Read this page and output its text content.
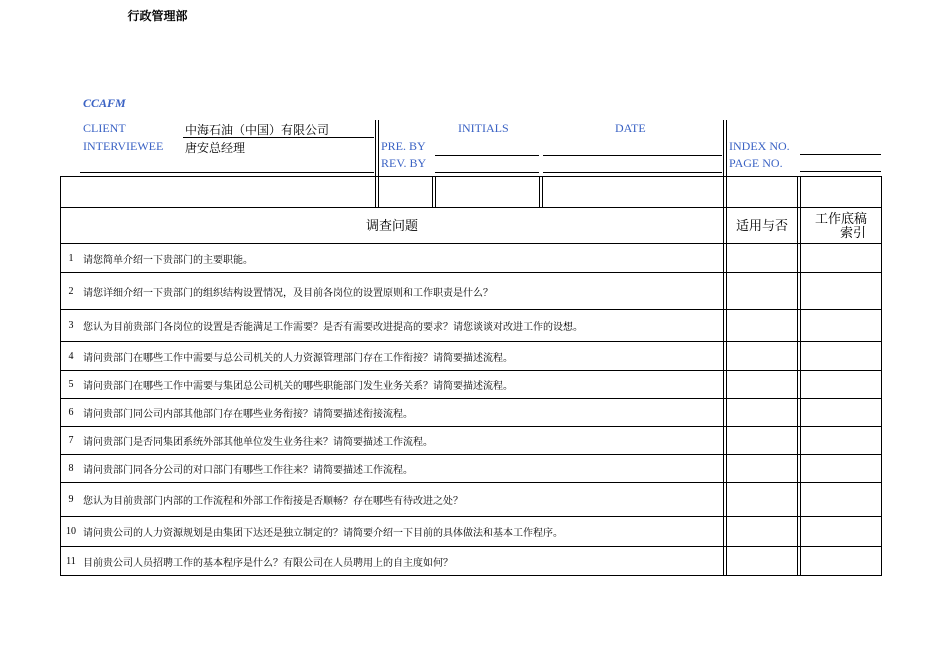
CCAFM
CLIENT	中海石油（中国）有限公司
INTERVIEWEE 唐安总经理
INITIALS	DATE
PRE. BY
REV. BY
INDEX NO.
PAGE NO.
行政管理部
调查问题	适用与否	工作底稿
索引
1 请您简单介绍一下贵部门的主要职能。
2 请您详细介绍一下贵部门的组织结构设置情况，及目前各岗位的设置原则和工作职责是什么？
3 您认为目前贵部门各岗位的设置是否能满足工作需要？是否有需要改进提高的要求？请您谈谈对改进工作的设想。
4 请问贵部门在哪些工作中需要与总公司机关的人力资源管理部门存在工作衔接？请简要描述流程。
5 请问贵部门在哪些工作中需要与集团总公司机关的哪些职能部门发生业务关系？请简要描述流程。
6 请问贵部门同公司内部其他部门存在哪些业务衔接？请简要描述衔接流程。
7 请问贵部门是否同集团系统外部其他单位发生业务往来？请简要描述工作流程。
8 请问贵部门同各分公司的对口部门有哪些工作往来？请简要描述工作流程。
9 您认为目前贵部门内部的工作流程和外部工作衔接是否顺畅？存在哪些有待改进之处？
10 请问贵公司的人力资源规划是由集团下达还是独立制定的？请简要介绍一下目前的具体做法和基本工作程序。
11 目前贵公司人员招聘工作的基本程序是什么？有限公司在人员聘用上的自主度如何？
